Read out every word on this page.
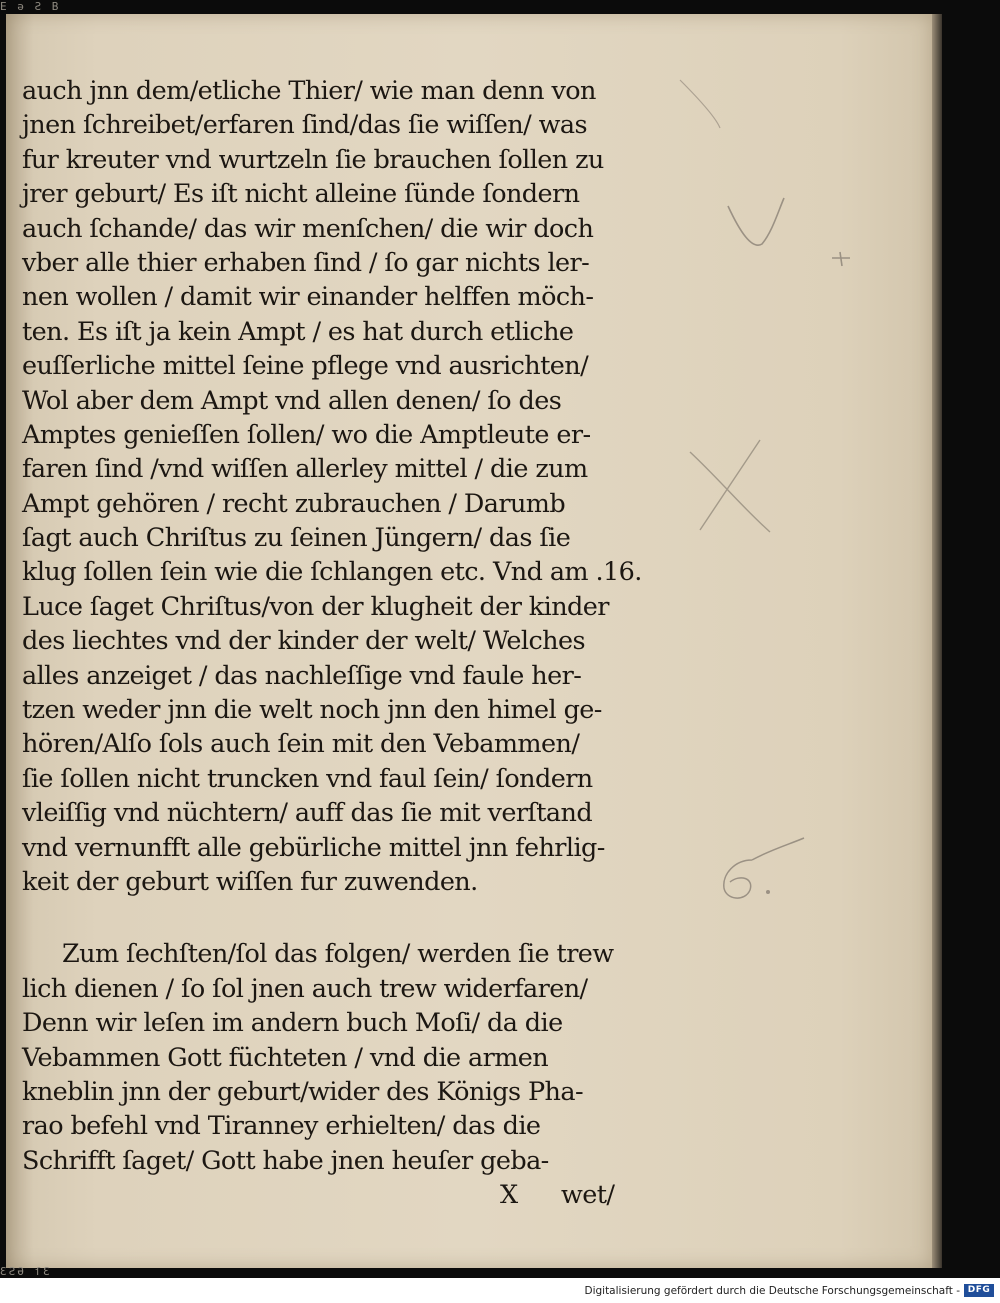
E ǝ Ƨ B
auch jnn dem/etliche Thier/ wie man denn von
jnen ſchreibet/erfaren ſind/das ſie wiſſen/ was
fur kreuter vnd wurtzeln ſie brauchen ſollen zu
jrer geburt/ Es iſt nicht alleine ſünde ſondern
auch ſchande/ das wir menſchen/ die wir doch
vber alle thier erhaben ſind / ſo gar nichts ler-
nen wollen / damit wir einander helffen möch-
ten. Es iſt ja kein Ampt / es hat durch etliche
euſſerliche mittel ſeine pflege vnd ausrichten/
Wol aber dem Ampt vnd allen denen/ ſo des
Amptes genieſſen ſollen/ wo die Amptleute er-
faren ſind /vnd wiſſen allerley mittel / die zum
Ampt gehören / recht zubrauchen / Darumb
ſagt auch Chriſtus zu ſeinen Jüngern/ das ſie
klug ſollen ſein wie die ſchlangen etc. Vnd am .16.
Luce ſaget Chriſtus/von der klugheit der kinder
des liechtes vnd der kinder der welt/ Welches
alles anzeiget / das nachleſſige vnd faule her-
tzen weder jnn die welt noch jnn den himel ge-
hören/Alſo ſols auch ſein mit den Vebammen/
ſie ſollen nicht truncken vnd faul ſein/ ſondern
vleiſſig vnd nüchtern/ auff das ſie mit verſtand
vnd vernunfft alle gebürliche mittel jnn fehrlig-
keit der geburt wiſſen fur zuwenden.
Zum ſechſten/ſol das folgen/ werden ſie trew
lich dienen / ſo ſol jnen auch trew widerfaren/
Denn wir leſen im andern buch Moſi/ da die
Vebammen Gott füchteten / vnd die armen
kneblin jnn der geburt/wider des Königs Pha-
rao befehl vnd Tiranney erhielten/ das die
Schrifft ſaget/ Gott habe jnen heuſer geba-
X wet/
ƐƧƏ ſƐ
Digitalisierung gefördert durch die Deutsche Forschungsgemeinschaft - DFG
